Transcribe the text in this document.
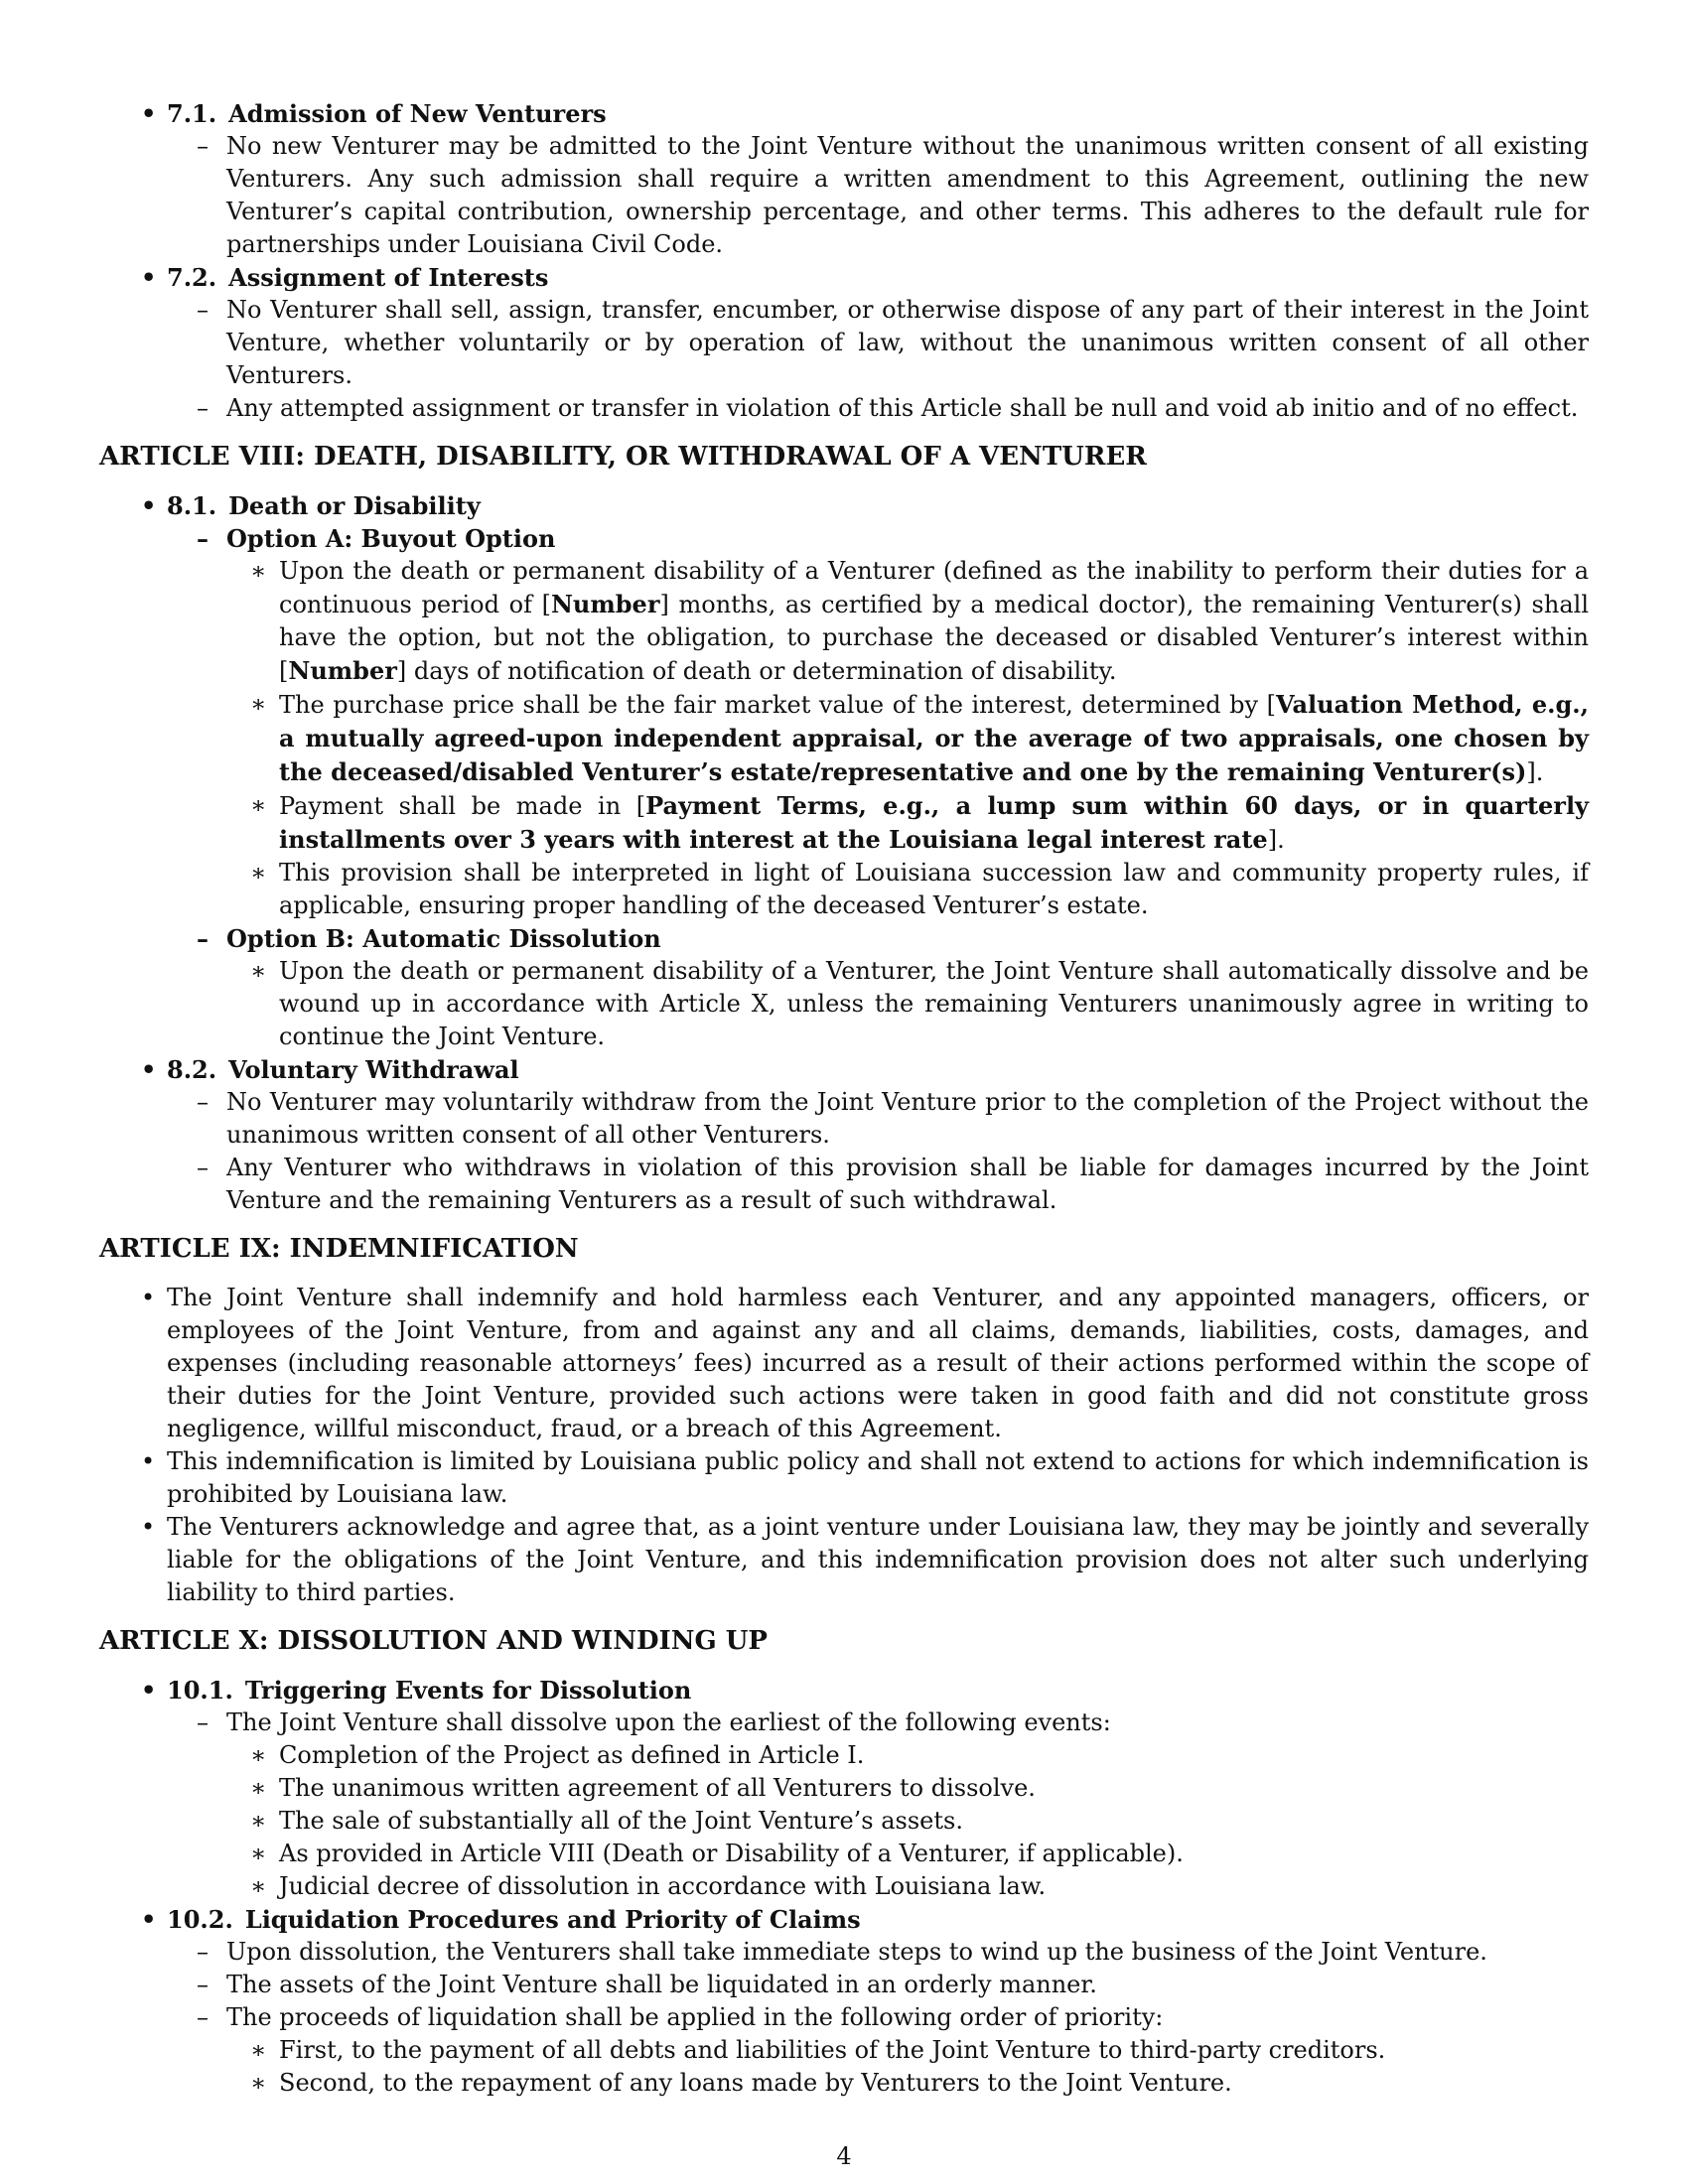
• 7.1. Admission of New Venturers
– No new Venturer may be admitted to the Joint Venture without the unanimous written consent of all existing Venturers. Any such admission shall require a written amendment to this Agreement, outlining the new Venturer’s capital contribution, ownership percentage, and other terms. This adheres to the default rule for partnerships under Louisiana Civil Code.
• 7.2. Assignment of Interests
– No Venturer shall sell, assign, transfer, encumber, or otherwise dispose of any part of their interest in the Joint Venture, whether voluntarily or by operation of law, without the unanimous written consent of all other Venturers.
– Any attempted assignment or transfer in violation of this Article shall be null and void ab initio and of no effect.
ARTICLE VIII: DEATH, DISABILITY, OR WITHDRAWAL OF A VENTURER
• 8.1. Death or Disability
– Option A: Buyout Option
∗ Upon the death or permanent disability of a Venturer (defined as the inability to perform their duties for a continuous period of [Number] months, as certified by a medical doctor), the remaining Venturer(s) shall have the option, but not the obligation, to purchase the deceased or disabled Venturer’s interest within [Number] days of notification of death or determination of disability.
∗ The purchase price shall be the fair market value of the interest, determined by [Valuation Method, e.g., a mutually agreed-upon independent appraisal, or the average of two appraisals, one chosen by the deceased/disabled Venturer’s estate/representative and one by the remaining Venturer(s)].
∗ Payment shall be made in [Payment Terms, e.g., a lump sum within 60 days, or in quarterly installments over 3 years with interest at the Louisiana legal interest rate].
∗ This provision shall be interpreted in light of Louisiana succession law and community property rules, if applicable, ensuring proper handling of the deceased Venturer’s estate.
– Option B: Automatic Dissolution
∗ Upon the death or permanent disability of a Venturer, the Joint Venture shall automatically dissolve and be wound up in accordance with Article X, unless the remaining Venturers unanimously agree in writing to continue the Joint Venture.
• 8.2. Voluntary Withdrawal
– No Venturer may voluntarily withdraw from the Joint Venture prior to the completion of the Project without the unanimous written consent of all other Venturers.
– Any Venturer who withdraws in violation of this provision shall be liable for damages incurred by the Joint Venture and the remaining Venturers as a result of such withdrawal.
ARTICLE IX: INDEMNIFICATION
• The Joint Venture shall indemnify and hold harmless each Venturer, and any appointed managers, officers, or employees of the Joint Venture, from and against any and all claims, demands, liabilities, costs, damages, and expenses (including reasonable attorneys’ fees) incurred as a result of their actions performed within the scope of their duties for the Joint Venture, provided such actions were taken in good faith and did not constitute gross negligence, willful misconduct, fraud, or a breach of this Agreement.
• This indemnification is limited by Louisiana public policy and shall not extend to actions for which indemnification is prohibited by Louisiana law.
• The Venturers acknowledge and agree that, as a joint venture under Louisiana law, they may be jointly and severally liable for the obligations of the Joint Venture, and this indemnification provision does not alter such underlying liability to third parties.
ARTICLE X: DISSOLUTION AND WINDING UP
• 10.1. Triggering Events for Dissolution
– The Joint Venture shall dissolve upon the earliest of the following events:
∗ Completion of the Project as defined in Article I.
∗ The unanimous written agreement of all Venturers to dissolve.
∗ The sale of substantially all of the Joint Venture’s assets.
∗ As provided in Article VIII (Death or Disability of a Venturer, if applicable).
∗ Judicial decree of dissolution in accordance with Louisiana law.
• 10.2. Liquidation Procedures and Priority of Claims
– Upon dissolution, the Venturers shall take immediate steps to wind up the business of the Joint Venture.
– The assets of the Joint Venture shall be liquidated in an orderly manner.
– The proceeds of liquidation shall be applied in the following order of priority:
∗ First, to the payment of all debts and liabilities of the Joint Venture to third-party creditors.
∗ Second, to the repayment of any loans made by Venturers to the Joint Venture.
4
